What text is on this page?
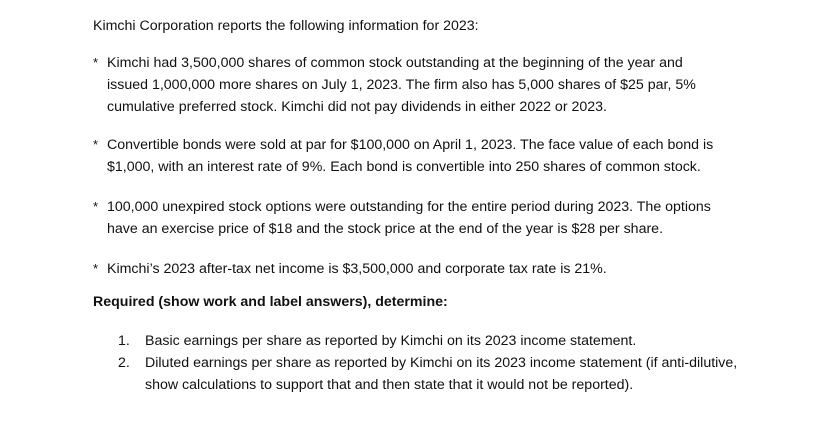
Kimchi Corporation reports the following information for 2023:
* Kimchi had 3,500,000 shares of common stock outstanding at the beginning of the year and
issued 1,000,000 more shares on July 1, 2023. The firm also has 5,000 shares of $25 par, 5%
cumulative preferred stock. Kimchi did not pay dividends in either 2022 or 2023.
* Convertible bonds were sold at par for $100,000 on April 1, 2023. The face value of each bond is
$1,000, with an interest rate of 9%. Each bond is convertible into 250 shares of common stock.
* 100,000 unexpired stock options were outstanding for the entire period during 2023. The options
have an exercise price of $18 and the stock price at the end of the year is $28 per share.
* Kimchi’s 2023 after-tax net income is $3,500,000 and corporate tax rate is 21%.
Required (show work and label answers), determine:
1. Basic earnings per share as reported by Kimchi on its 2023 income statement.
2. Diluted earnings per share as reported by Kimchi on its 2023 income statement (if anti-dilutive,
show calculations to support that and then state that it would not be reported).
